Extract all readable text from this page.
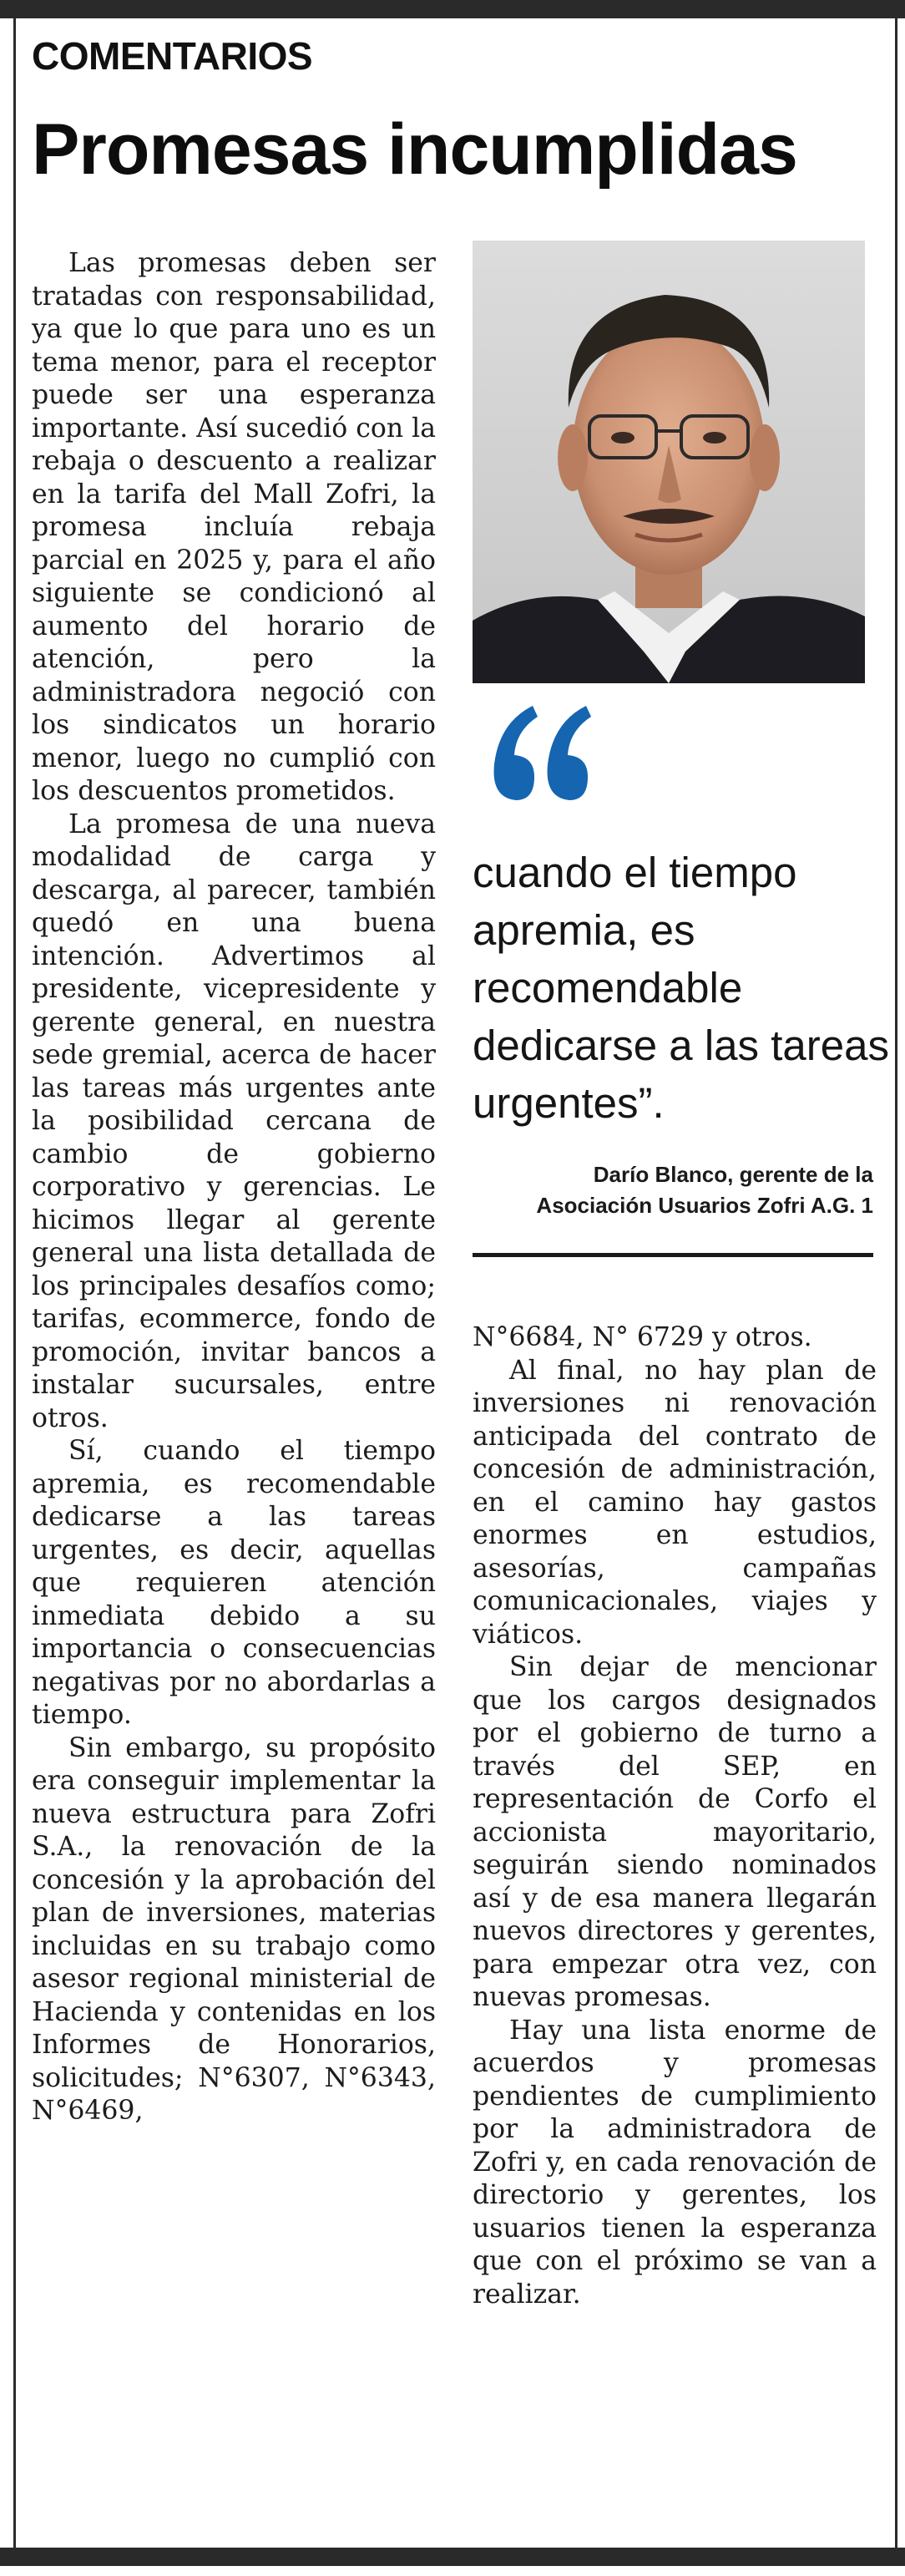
COMENTARIOS
Promesas incumplidas

Las promesas deben ser tratadas con responsabilidad, ya que lo que para uno es un tema menor, para el receptor puede ser una esperanza importante. Así sucedió con la rebaja o descuento a realizar en la tarifa del Mall Zofri, la promesa incluía rebaja parcial en 2025 y, para el año siguiente se condicionó al aumento del horario de atención, pero la administradora negoció con los sindicatos un horario menor, luego no cumplió con los descuentos prometidos.

La promesa de una nueva modalidad de carga y descarga, al parecer, también quedó en una buena intención. Advertimos al presidente, vicepresidente y gerente general, en nuestra sede gremial, acerca de hacer las tareas más urgentes ante la posibilidad cercana de cambio de gobierno corporativo y gerencias. Le hicimos llegar al gerente general una lista detallada de los principales desafíos como; tarifas, ecommerce, fondo de promoción, invitar bancos a instalar sucursales, entre otros.

Sí, cuando el tiempo apremia, es recomendable dedicarse a las tareas urgentes, es decir, aquellas que requieren atención inmediata debido a su importancia o consecuencias negativas por no abordarlas a tiempo.

Sin embargo, su propósito era conseguir implementar la nueva estructura para Zofri S.A., la renovación de la concesión y la aprobación del plan de inversiones, materias incluidas en su trabajo como asesor regional ministerial de Hacienda y contenidas en los Informes de Honorarios, solicitudes; N°6307, N°6343, N°6469,

cuando el tiempo apremia, es recomendable dedicarse a las tareas urgentes”.
Darío Blanco, gerente de la
Asociación Usuarios Zofri A.G. 1

N°6684, N° 6729 y otros.

Al final, no hay plan de inversiones ni renovación anticipada del contrato de concesión de administración, en el camino hay gastos enormes en estudios, asesorías, campañas comunicacionales, viajes y viáticos.

Sin dejar de mencionar que los cargos designados por el gobierno de turno a través del SEP, en representación de Corfo el accionista mayoritario, seguirán siendo nominados así y de esa manera llegarán nuevos directores y gerentes, para empezar otra vez, con nuevas promesas.

Hay una lista enorme de acuerdos y promesas pendientes de cumplimiento por la administradora de Zofri y, en cada renovación de directorio y gerentes, los usuarios tienen la esperanza que con el próximo se van a realizar.
